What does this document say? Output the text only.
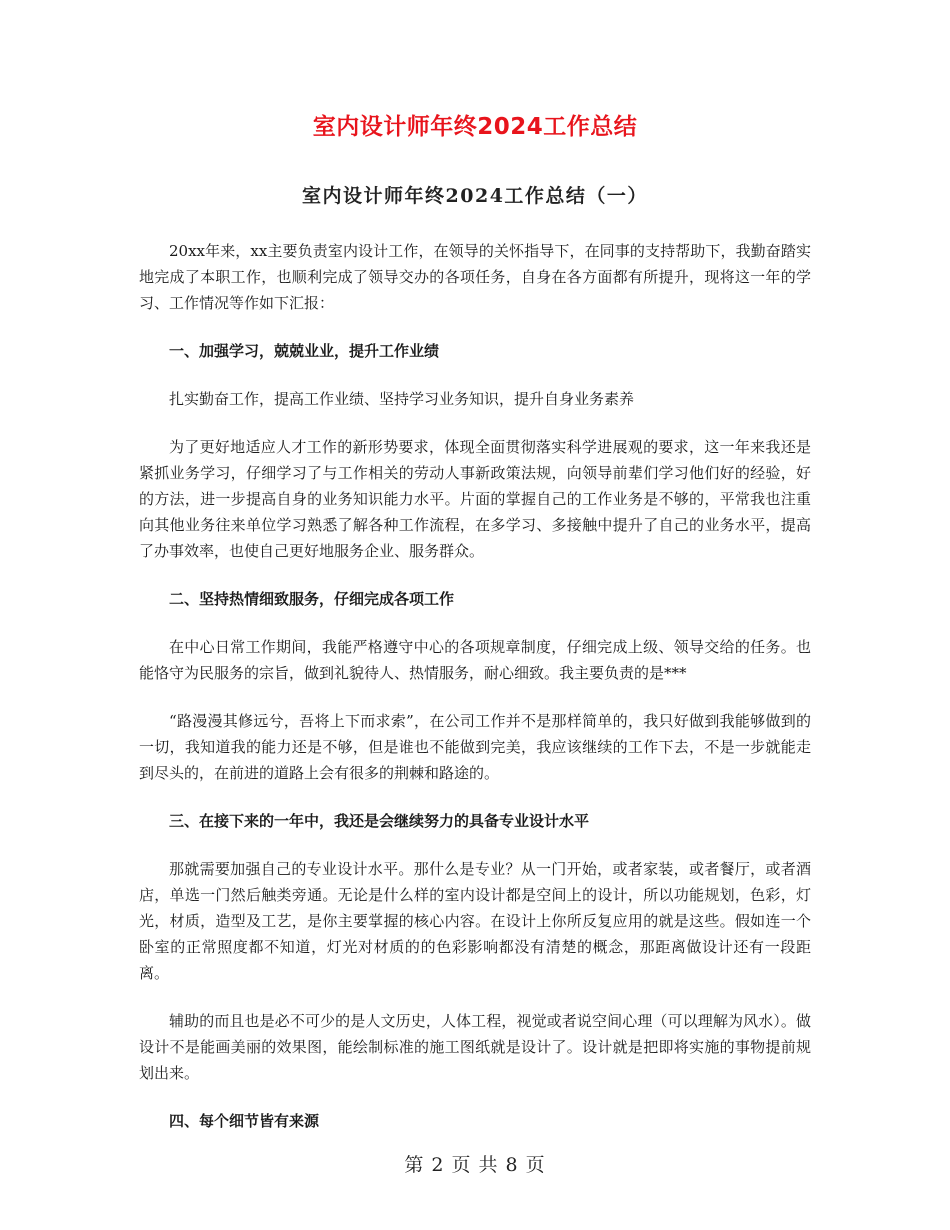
室内设计师年终2024工作总结
室内设计师年终2024工作总结（一）

20xx年来，xx主要负责室内设计工作，在领导的关怀指导下，在同事的支持帮助下，我勤奋踏实地完成了本职工作，也顺利完成了领导交办的各项任务，自身在各方面都有所提升，现将这一年的学习、工作情况等作如下汇报：

一、加强学习，兢兢业业，提升工作业绩

扎实勤奋工作，提高工作业绩、坚持学习业务知识，提升自身业务素养

为了更好地适应人才工作的新形势要求，体现全面贯彻落实科学进展观的要求，这一年来我还是紧抓业务学习，仔细学习了与工作相关的劳动人事新政策法规，向领导前辈们学习他们好的经验，好的方法，进一步提高自身的业务知识能力水平。片面的掌握自己的工作业务是不够的，平常我也注重向其他业务往来单位学习熟悉了解各种工作流程，在多学习、多接触中提升了自己的业务水平，提高了办事效率，也使自己更好地服务企业、服务群众。

二、坚持热情细致服务，仔细完成各项工作

在中心日常工作期间，我能严格遵守中心的各项规章制度，仔细完成上级、领导交给的任务。也能恪守为民服务的宗旨，做到礼貌待人、热情服务，耐心细致。我主要负责的是***

“路漫漫其修远兮，吾将上下而求索”，在公司工作并不是那样简单的，我只好做到我能够做到的一切，我知道我的能力还是不够，但是谁也不能做到完美，我应该继续的工作下去，不是一步就能走到尽头的，在前进的道路上会有很多的荆棘和路途的。

三、在接下来的一年中，我还是会继续努力的具备专业设计水平

那就需要加强自己的专业设计水平。那什么是专业？从一门开始，或者家装，或者餐厅，或者酒店，单选一门然后触类旁通。无论是什么样的室内设计都是空间上的设计，所以功能规划，色彩，灯光，材质，造型及工艺，是你主要掌握的核心内容。在设计上你所反复应用的就是这些。假如连一个卧室的正常照度都不知道，灯光对材质的的色彩影响都没有清楚的概念，那距离做设计还有一段距离。

辅助的而且也是必不可少的是人文历史，人体工程，视觉或者说空间心理（可以理解为风水）。做设计不是能画美丽的效果图，能绘制标准的施工图纸就是设计了。设计就是把即将实施的事物提前规划出来。

四、每个细节皆有来源

第 2 页 共 8 页
